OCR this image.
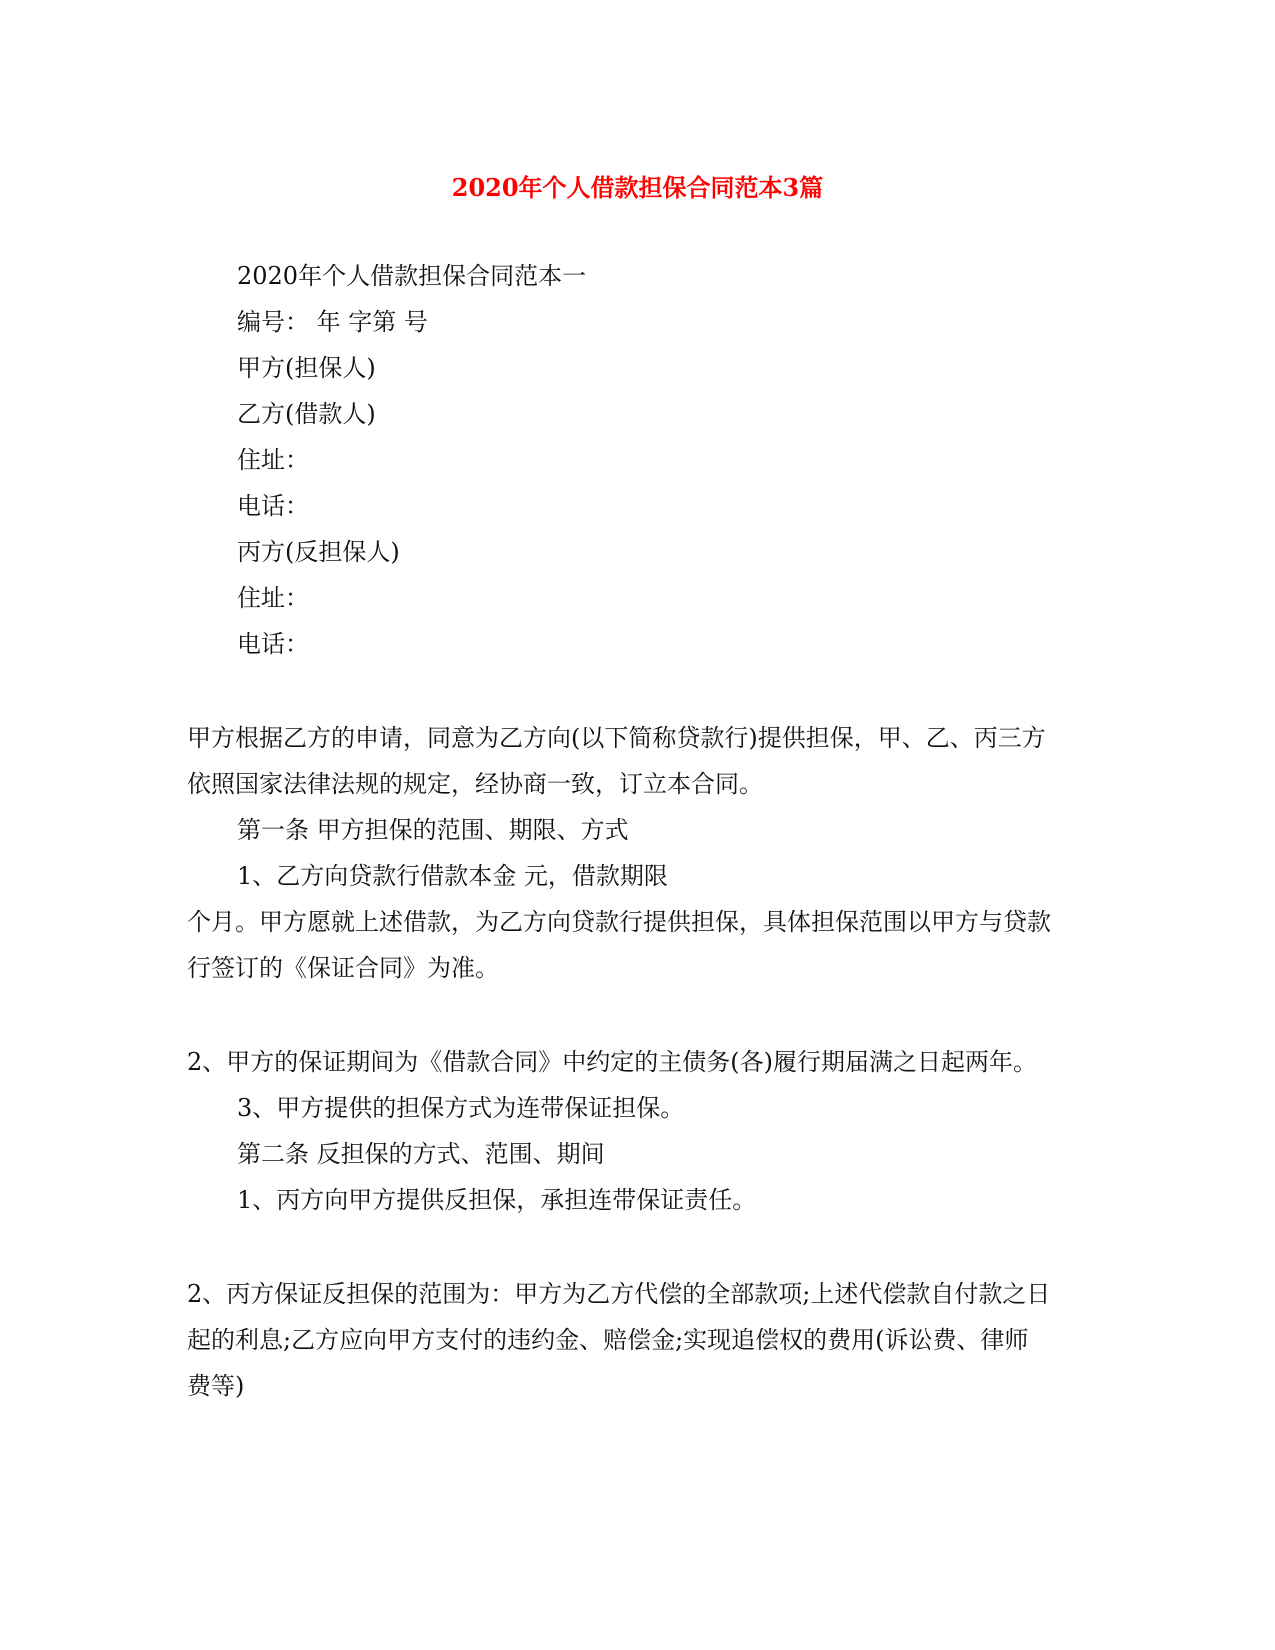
2020年个人借款担保合同范本3篇
2020年个人借款担保合同范本一
编号： 年 字第 号
甲方(担保人)
乙方(借款人)
住址：
电话：
丙方(反担保人)
住址：
电话：
甲方根据乙方的申请，同意为乙方向(以下简称贷款行)提供担保，甲、乙、丙三方
依照国家法律法规的规定，经协商一致，订立本合同。
第一条 甲方担保的范围、期限、方式
1、乙方向贷款行借款本金 元，借款期限
个月。甲方愿就上述借款，为乙方向贷款行提供担保，具体担保范围以甲方与贷款
行签订的《保证合同》为准。
2、甲方的保证期间为《借款合同》中约定的主债务(各)履行期届满之日起两年。
3、甲方提供的担保方式为连带保证担保。
第二条 反担保的方式、范围、期间
1、丙方向甲方提供反担保，承担连带保证责任。
2、丙方保证反担保的范围为：甲方为乙方代偿的全部款项;上述代偿款自付款之日
起的利息;乙方应向甲方支付的违约金、赔偿金;实现追偿权的费用(诉讼费、律师
费等)
